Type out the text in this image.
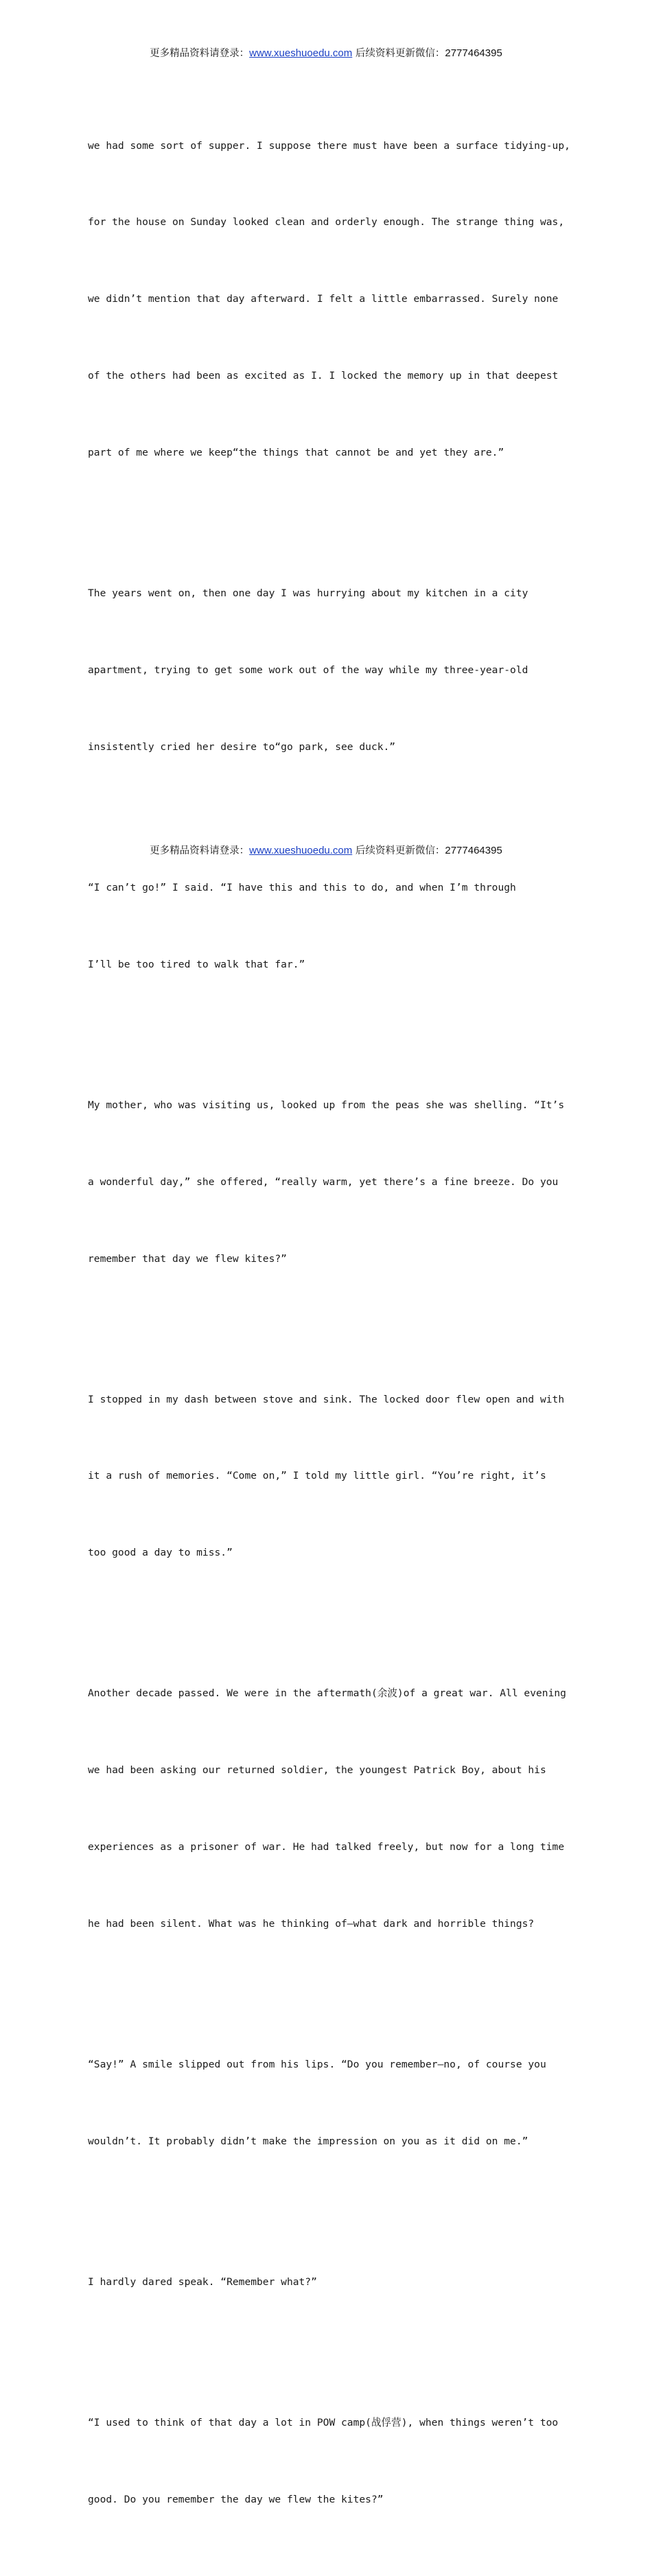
更多精品资料请登录：www.xueshuoedu.com 后续资料更新微信：2777464395

we had some sort of supper. I suppose there must have been a surface tidying-up,

for the house on Sunday looked clean and orderly enough. The strange thing was,

we didn’t mention that day afterward. I felt a little embarrassed. Surely none

of the others had been as excited as I. I locked the memory up in that deepest

part of me where we keep“the things that cannot be and yet they are.”

The years went on, then one day I was hurrying about my kitchen in a city

apartment, trying to get some work out of the way while my three-year-old

insistently cried her desire to“go park, see duck.”

“I can’t go!” I said. “I have this and this to do, and when I’m through

I’ll be too tired to walk that far.”

My mother, who was visiting us, looked up from the peas she was shelling. “It’s

a wonderful day,” she offered, “really warm, yet there’s a fine breeze. Do you

remember that day we flew kites?”

I stopped in my dash between stove and sink. The locked door flew open and with

it a rush of memories. “Come on,” I told my little girl. “You’re right, it’s

too good a day to miss.”

Another decade passed. We were in the aftermath(余波)of a great war. All evening

we had been asking our returned soldier, the youngest Patrick Boy, about his

experiences as a prisoner of war. He had talked freely, but now for a long time

he had been silent. What was he thinking of—what dark and horrible things?

“Say!” A smile slipped out from his lips. “Do you remember—no, of course you

wouldn’t. It probably didn’t make the impression on you as it did on me.”

I hardly dared speak. “Remember what?”

“I used to think of that day a lot in POW camp(战俘营), when things weren’t too

good. Do you remember the day we flew the kites?”

更多精品资料请登录：www.xueshuoedu.com 后续资料更新微信：2777464395
